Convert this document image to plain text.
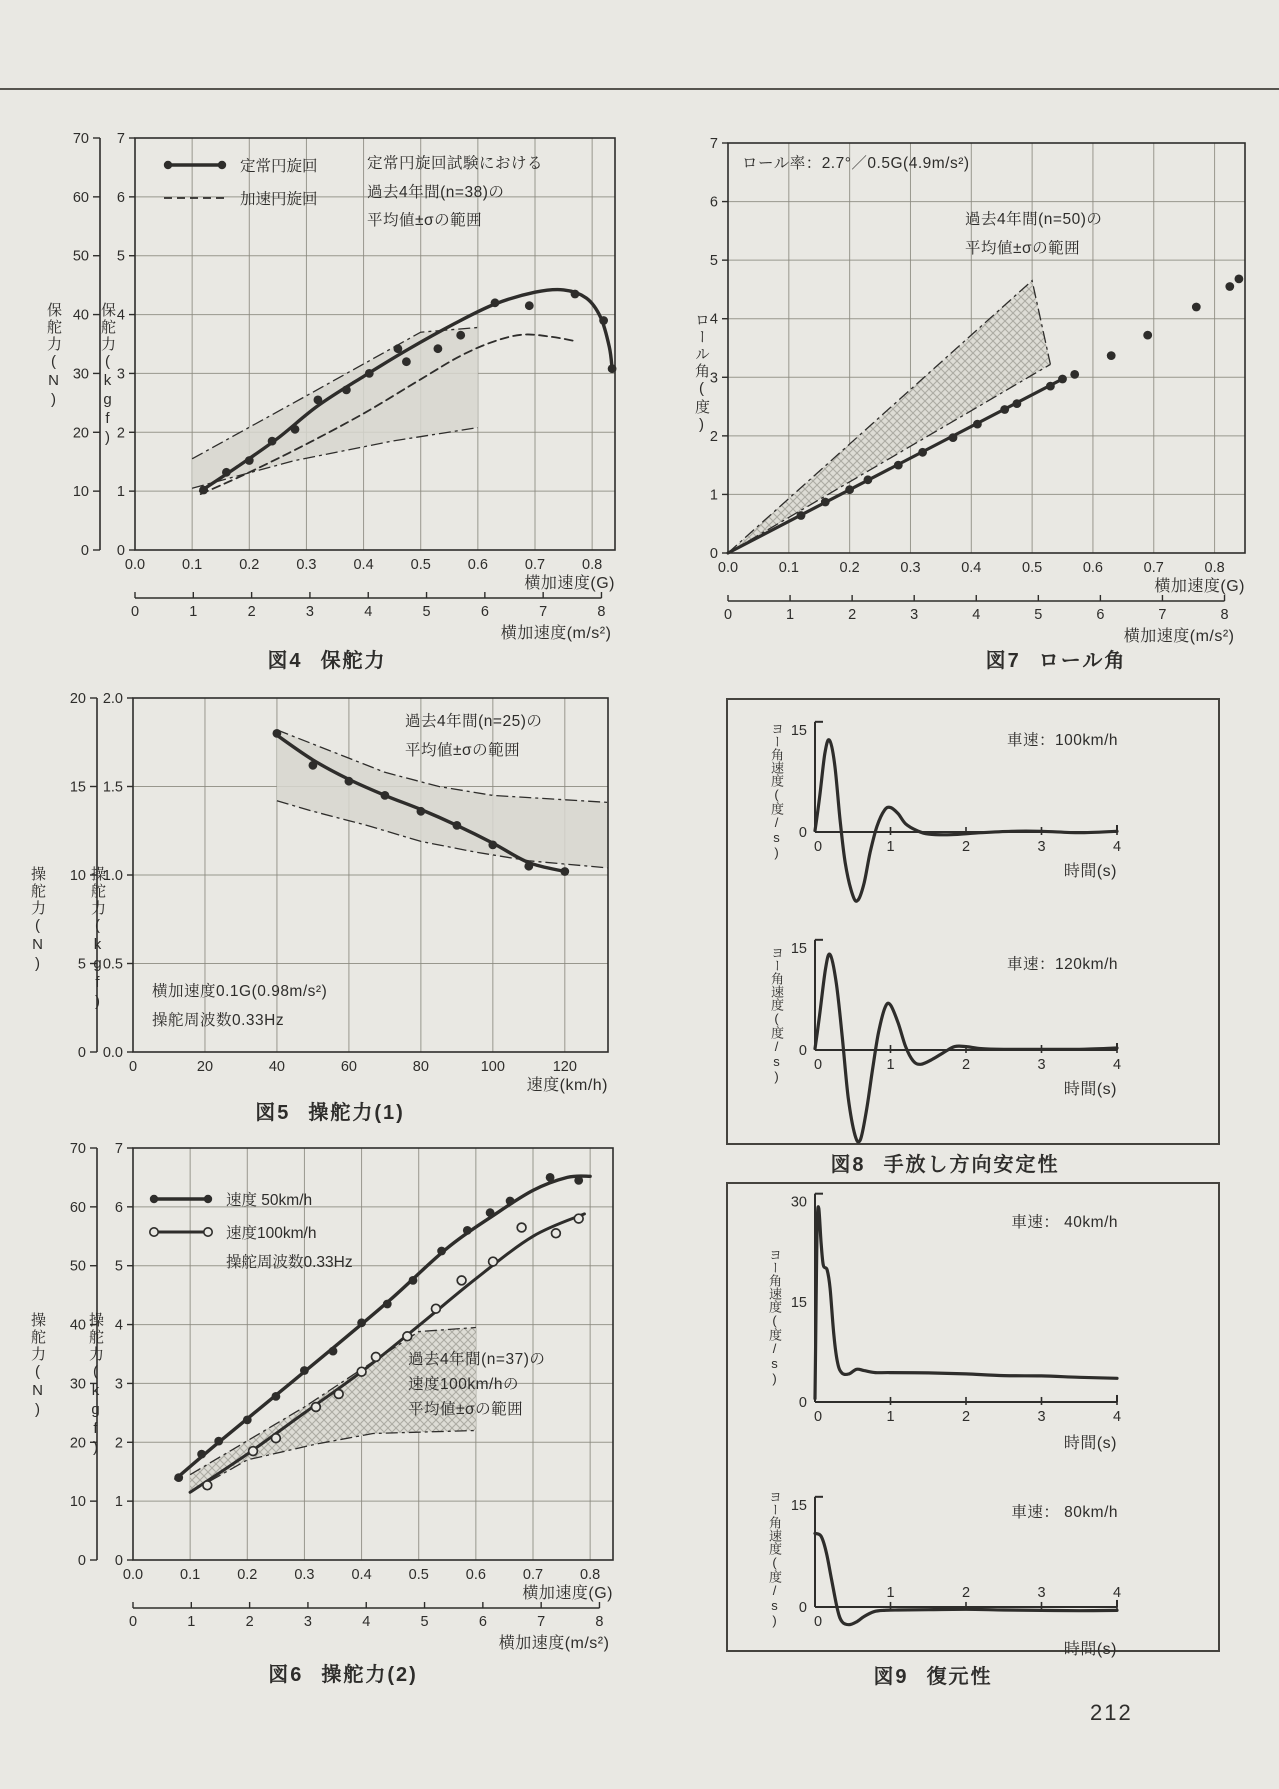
0.0	0.1	0.2	0.3	0.4	0.5	0.6	0.7	0.8
0
1
2
3
4
5
6
7
横加速度(G)
0
10
20
30
40
50
60
70
0	1	2	3	4	5	6	7	8
横加速度(m/s²)
保舵力(N) 保舵力(kgf)
定常円旋回
加速円旋回
定常円旋回試験における
過去4年間(n=38)の
平均値±σの範囲
図4 保舵力
0.0	0.1	0.2	0.3	0.4	0.5	0.6	0.7	0.8
0
1
2
3
4
5
6
7
横加速度(G)
0	1	2	3	4	5	6	7	8
横加速度(m/s²)
ロール角(度)
ロール率：2.7°／0.5G(4.9m/s²)
過去4年間(n=50)の
平均値±σの範囲
図7 ロール角
0	20	40	60	80	100	120
0.0
0.5
1.0
1.5
2.0
速度(km/h)
0
5
10
15
20
操舵力(N)	操舵力(kgf)
過去4年間(n=25)の
平均値±σの範囲
横加速度0.1G(0.98m/s²)
操舵周波数0.33Hz
図5 操舵力(1)
0.0	0.1	0.2	0.3	0.4	0.5	0.6	0.7	0.8
0
1
2
3
4
5
6
7
横加速度(G)
0
10
20
30
40
50
60
70
0	1	2	3	4	5	6	7	8
横加速度(m/s²)
操舵力(N)	操舵力(kgf)
速度 50km/h
速度100km/h
操舵周波数0.33Hz
過去4年間(n=37)の
速度100km/hの
平均値±σの範囲
図6 操舵力(2)
15
0
0	1	2	3	4
時間(s)
15
0
0	1	2	3	4
時間(s)
ヨー角速度(度/s)
ヨー角速度(度/s)
車速：100km/h
車速：120km/h
図8 手放し方向安定性
30
15
0
0	1	2	3	4
時間(s)
15
0
0
1	2	3	4
時間(s)
ヨー角速度(度/s)
ヨー角速度(度/s)
車速： 40km/h
車速： 80km/h
図9 復元性
212
